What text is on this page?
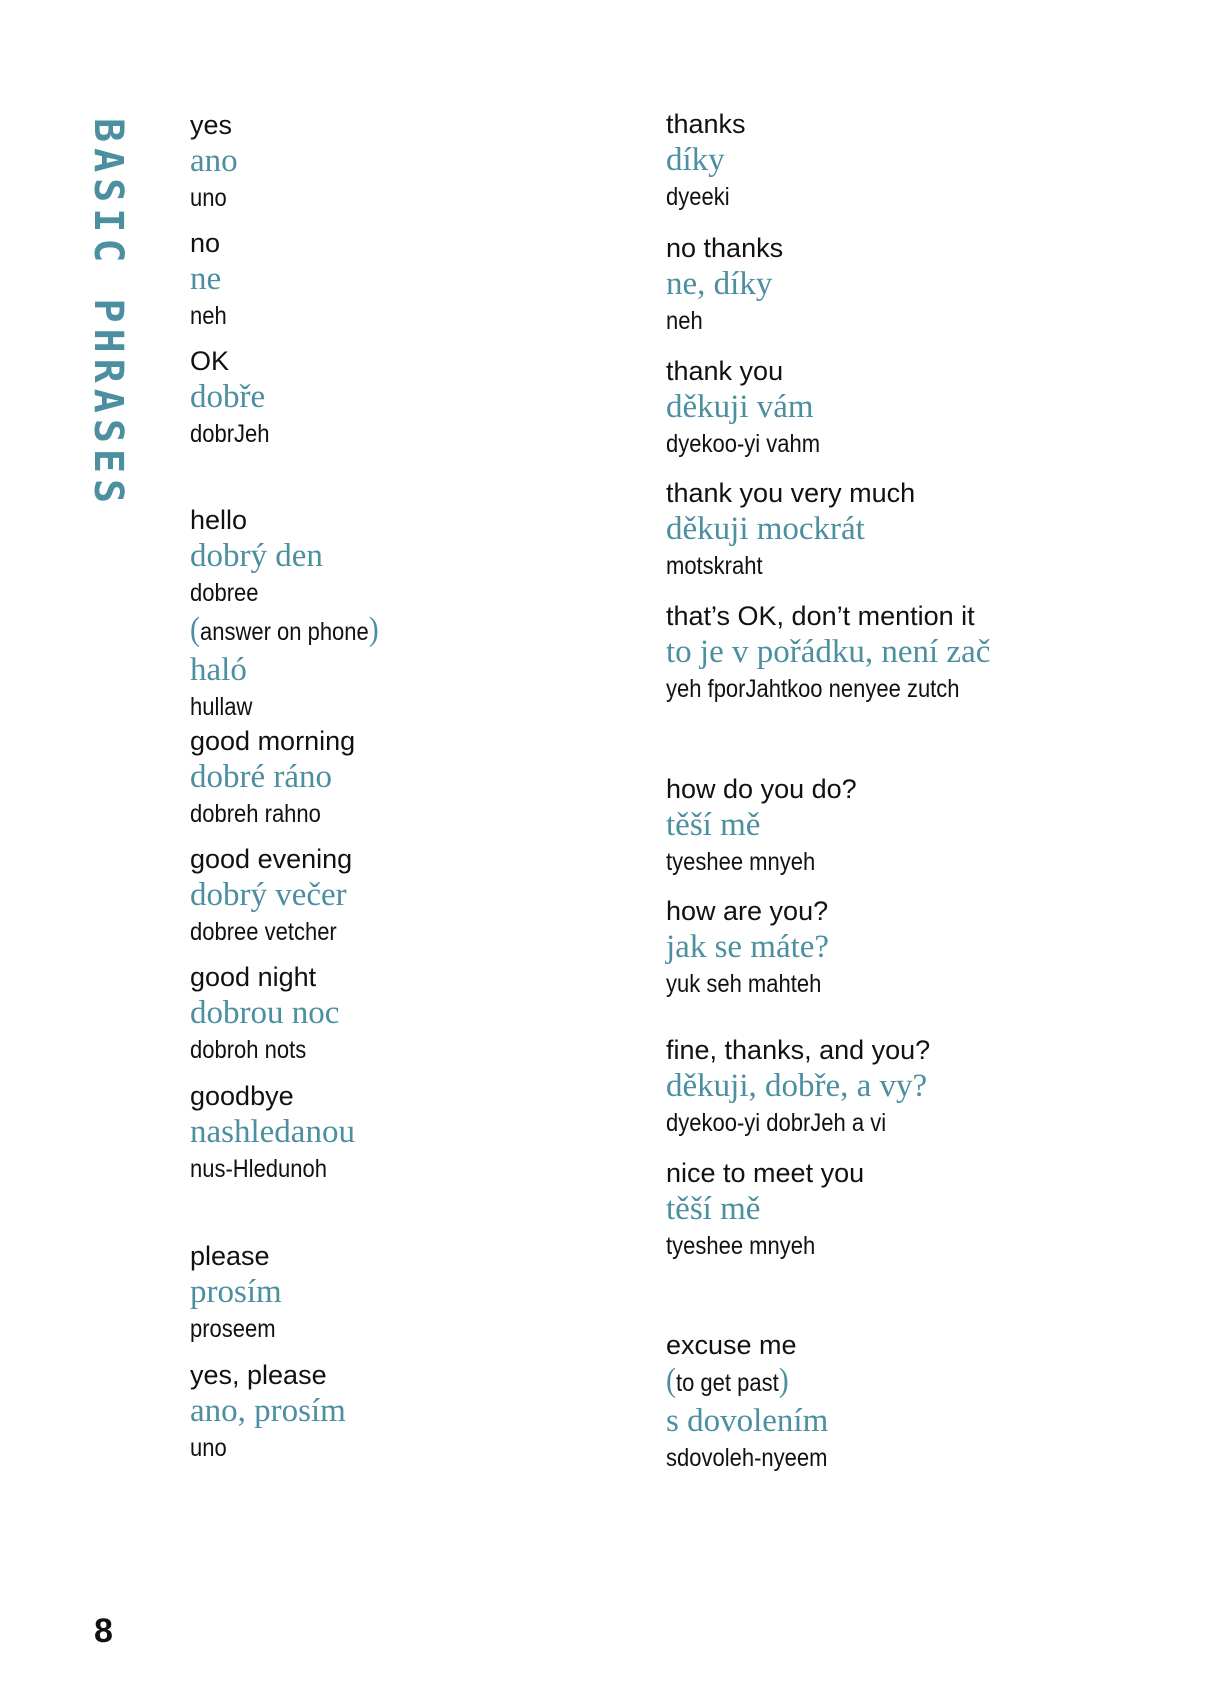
BASIC PHRASES yes
ano
uno
no
ne
neh
OK
dobře
dobrJeh
hello
dobrý den
dobree
(answer on phone)
haló
hullaw
good morning
dobré ráno
dobreh rahno
good evening
dobrý večer
dobree vetcher
good night
dobrou noc
dobroh nots
goodbye
nashledanou
nus-Hledunoh
please
prosím
proseem
yes, please
ano, prosím
uno
thanks
díky
dyeeki
no thanks
ne, díky
neh
thank you
děkuji vám
dyekoo-yi vahm
thank you very much
děkuji mockrát
motskraht
that’s OK, don’t mention it
to je v pořádku, není zač
yeh fporJahtkoo nenyee zutch
how do you do?
těší mě
tyeshee mnyeh
how are you?
jak se máte?
yuk seh mahteh
fine, thanks, and you?
děkuji, dobře, a vy?
dyekoo-yi dobrJeh a vi
nice to meet you
těší mě
tyeshee mnyeh
excuse me
(to get past)
s dovolením
sdovoleh-nyeem
8
